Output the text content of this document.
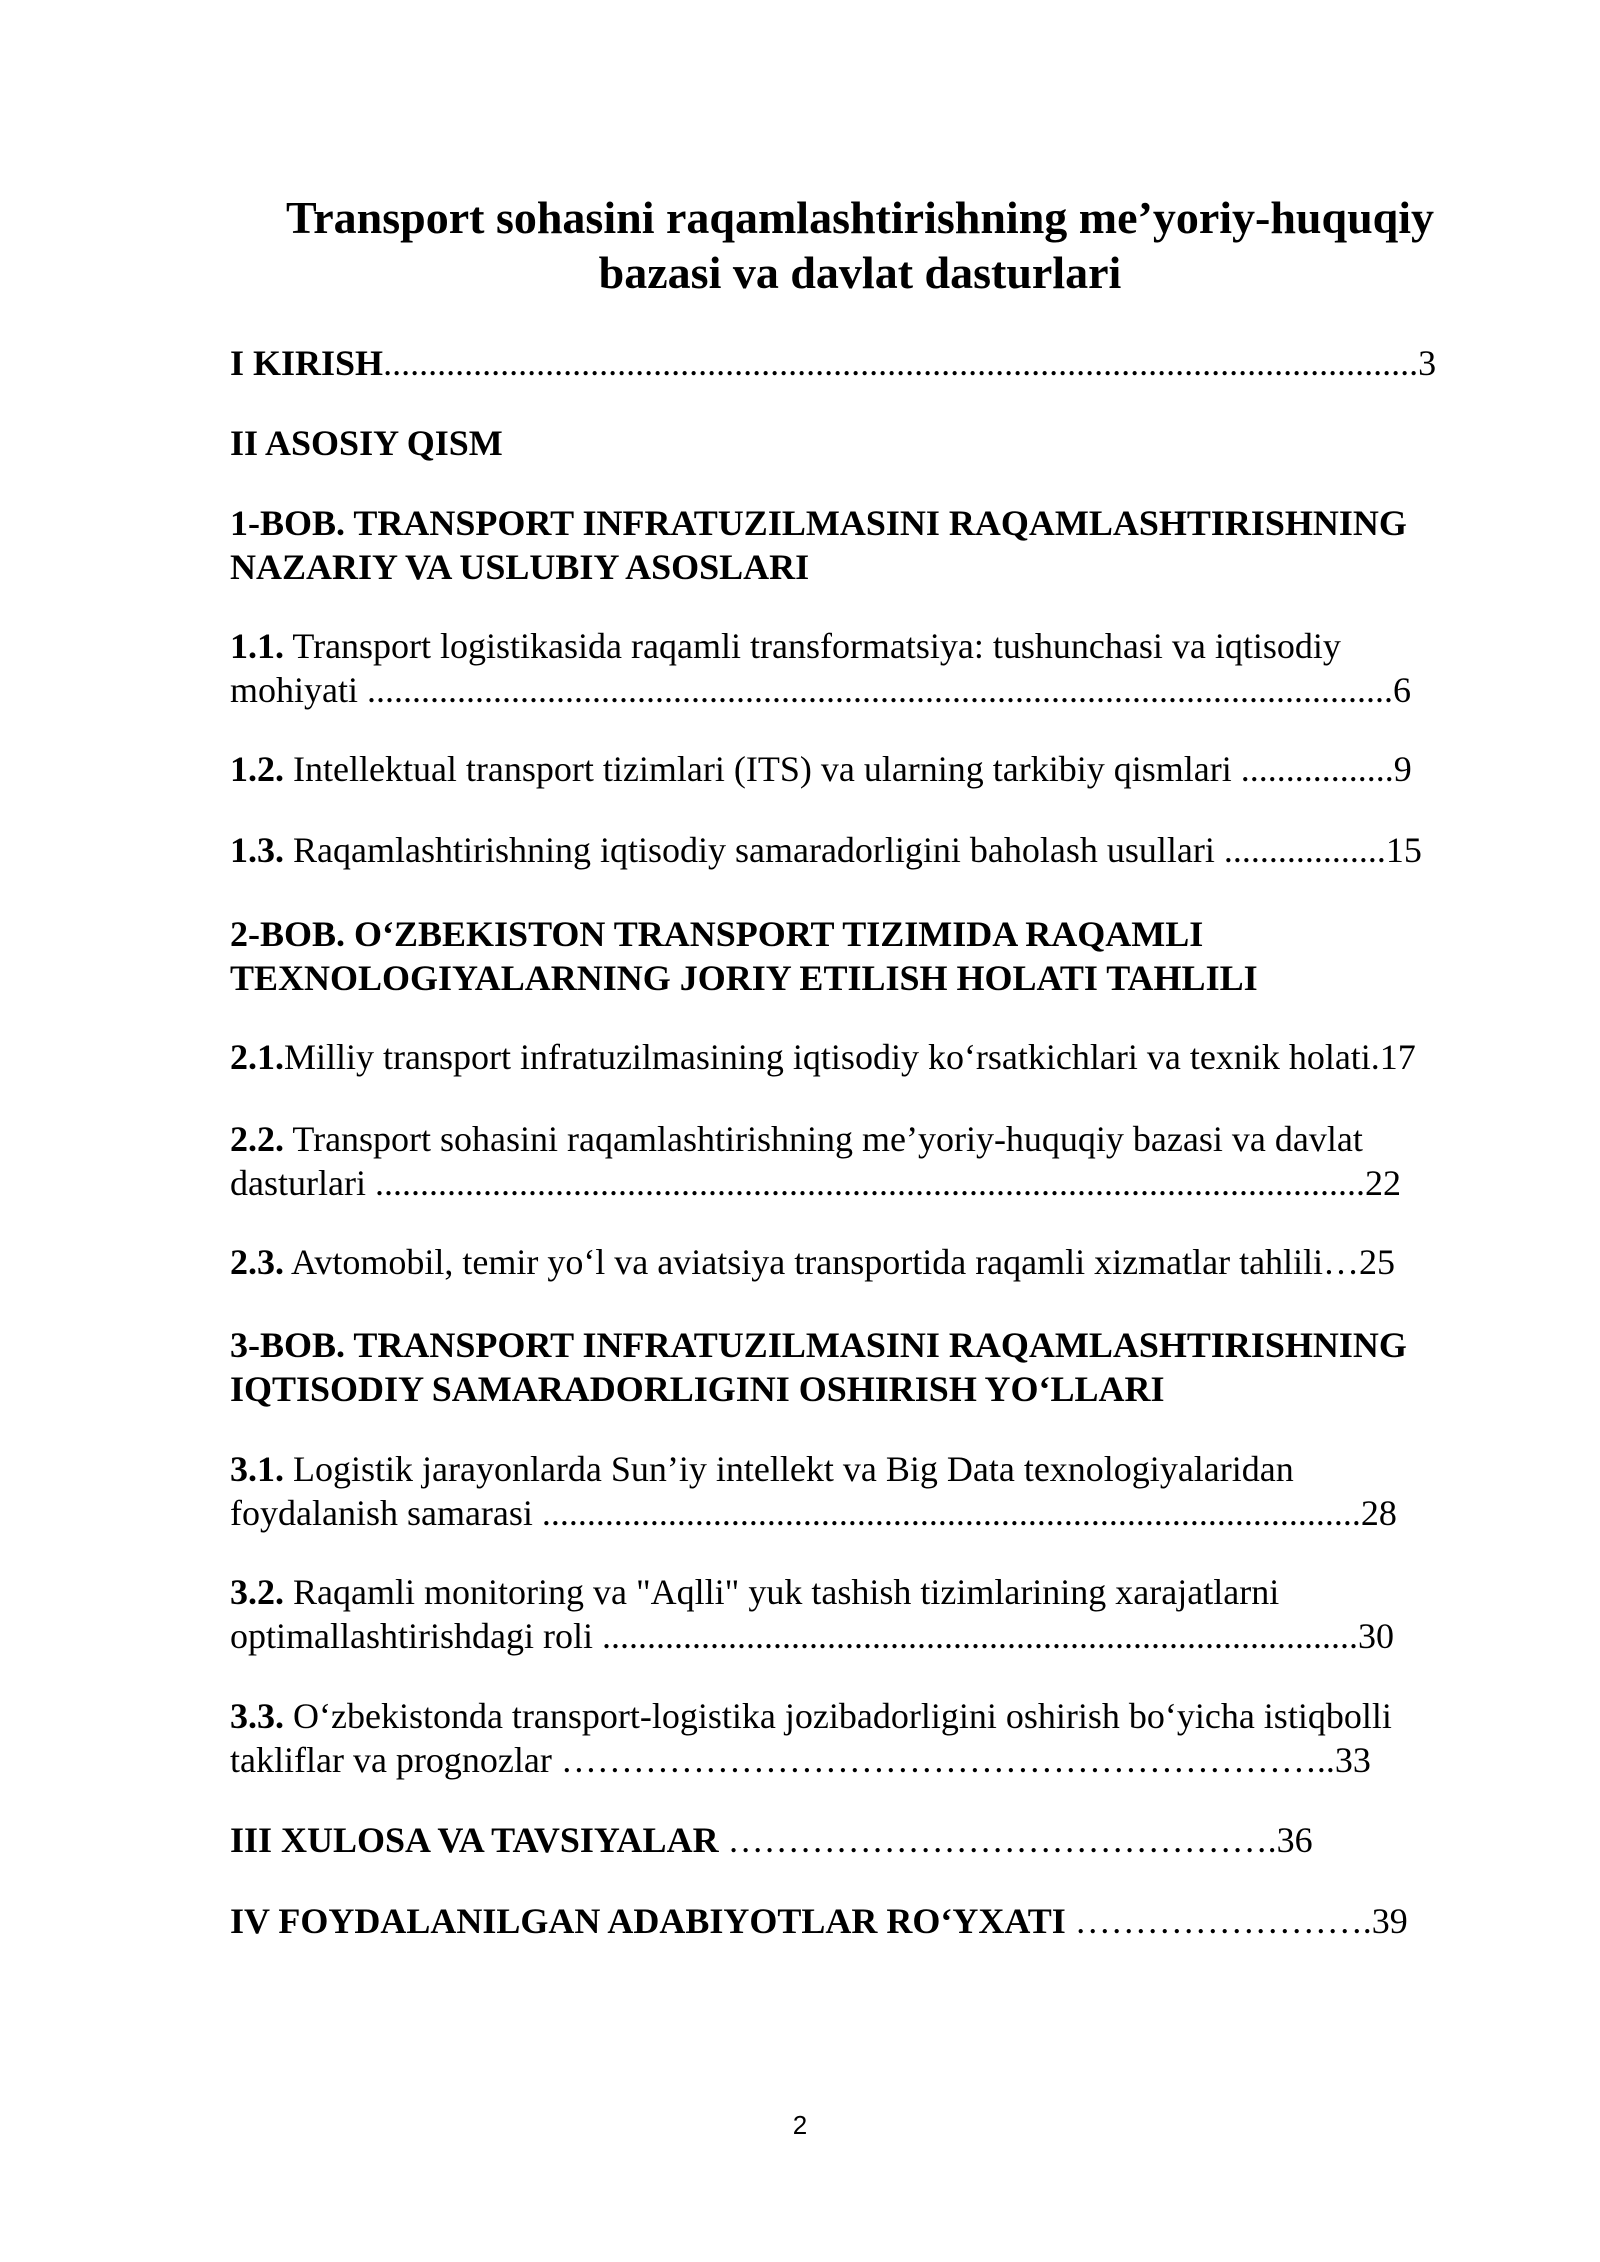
Transport sohasini raqamlashtirishning me’yoriy-huquqiy
bazasi va davlat dasturlari

I KIRISH...................................................................................................................3

II ASOSIY QISM

1-BOB. TRANSPORT INFRATUZILMASINI RAQAMLASHTIRISHNING
NAZARIY VA USLUBIY ASOSLARI

1.1. Transport logistikasida raqamli transformatsiya: tushunchasi va iqtisodiy
mohiyati ..................................................................................................................6

1.2. Intellektual transport tizimlari (ITS) va ularning tarkibiy qismlari .................9

1.3. Raqamlashtirishning iqtisodiy samaradorligini baholash usullari ..................15

2-BOB. O‘ZBEKISTON TRANSPORT TIZIMIDA RAQAMLI
TEXNOLOGIYALARNING JORIY ETILISH HOLATI TAHLILI

2.1.Milliy transport infratuzilmasining iqtisodiy ko‘rsatkichlari va texnik holati.17

2.2. Transport sohasini raqamlashtirishning me’yoriy-huquqiy bazasi va davlat
dasturlari ..............................................................................................................22

2.3. Avtomobil, temir yo‘l va aviatsiya transportida raqamli xizmatlar tahlili…25

3-BOB. TRANSPORT INFRATUZILMASINI RAQAMLASHTIRISHNING
IQTISODIY SAMARADORLIGINI OSHIRISH YO‘LLARI

3.1. Logistik jarayonlarda Sun’iy intellekt va Big Data texnologiyalaridan
foydalanish samarasi ...........................................................................................28

3.2. Raqamli monitoring va "Aqlli" yuk tashish tizimlarining xarajatlarni
optimallashtirishdagi roli ....................................................................................30

3.3. O‘zbekistonda transport-logistika jozibadorligini oshirish bo‘yicha istiqbolli
takliflar va prognozlar ………………………………………………………..33

III XULOSA VA TAVSIYALAR ……………………………………….36

IV FOYDALANILGAN ADABIYOTLAR RO‘YXATI …………………….39

2
